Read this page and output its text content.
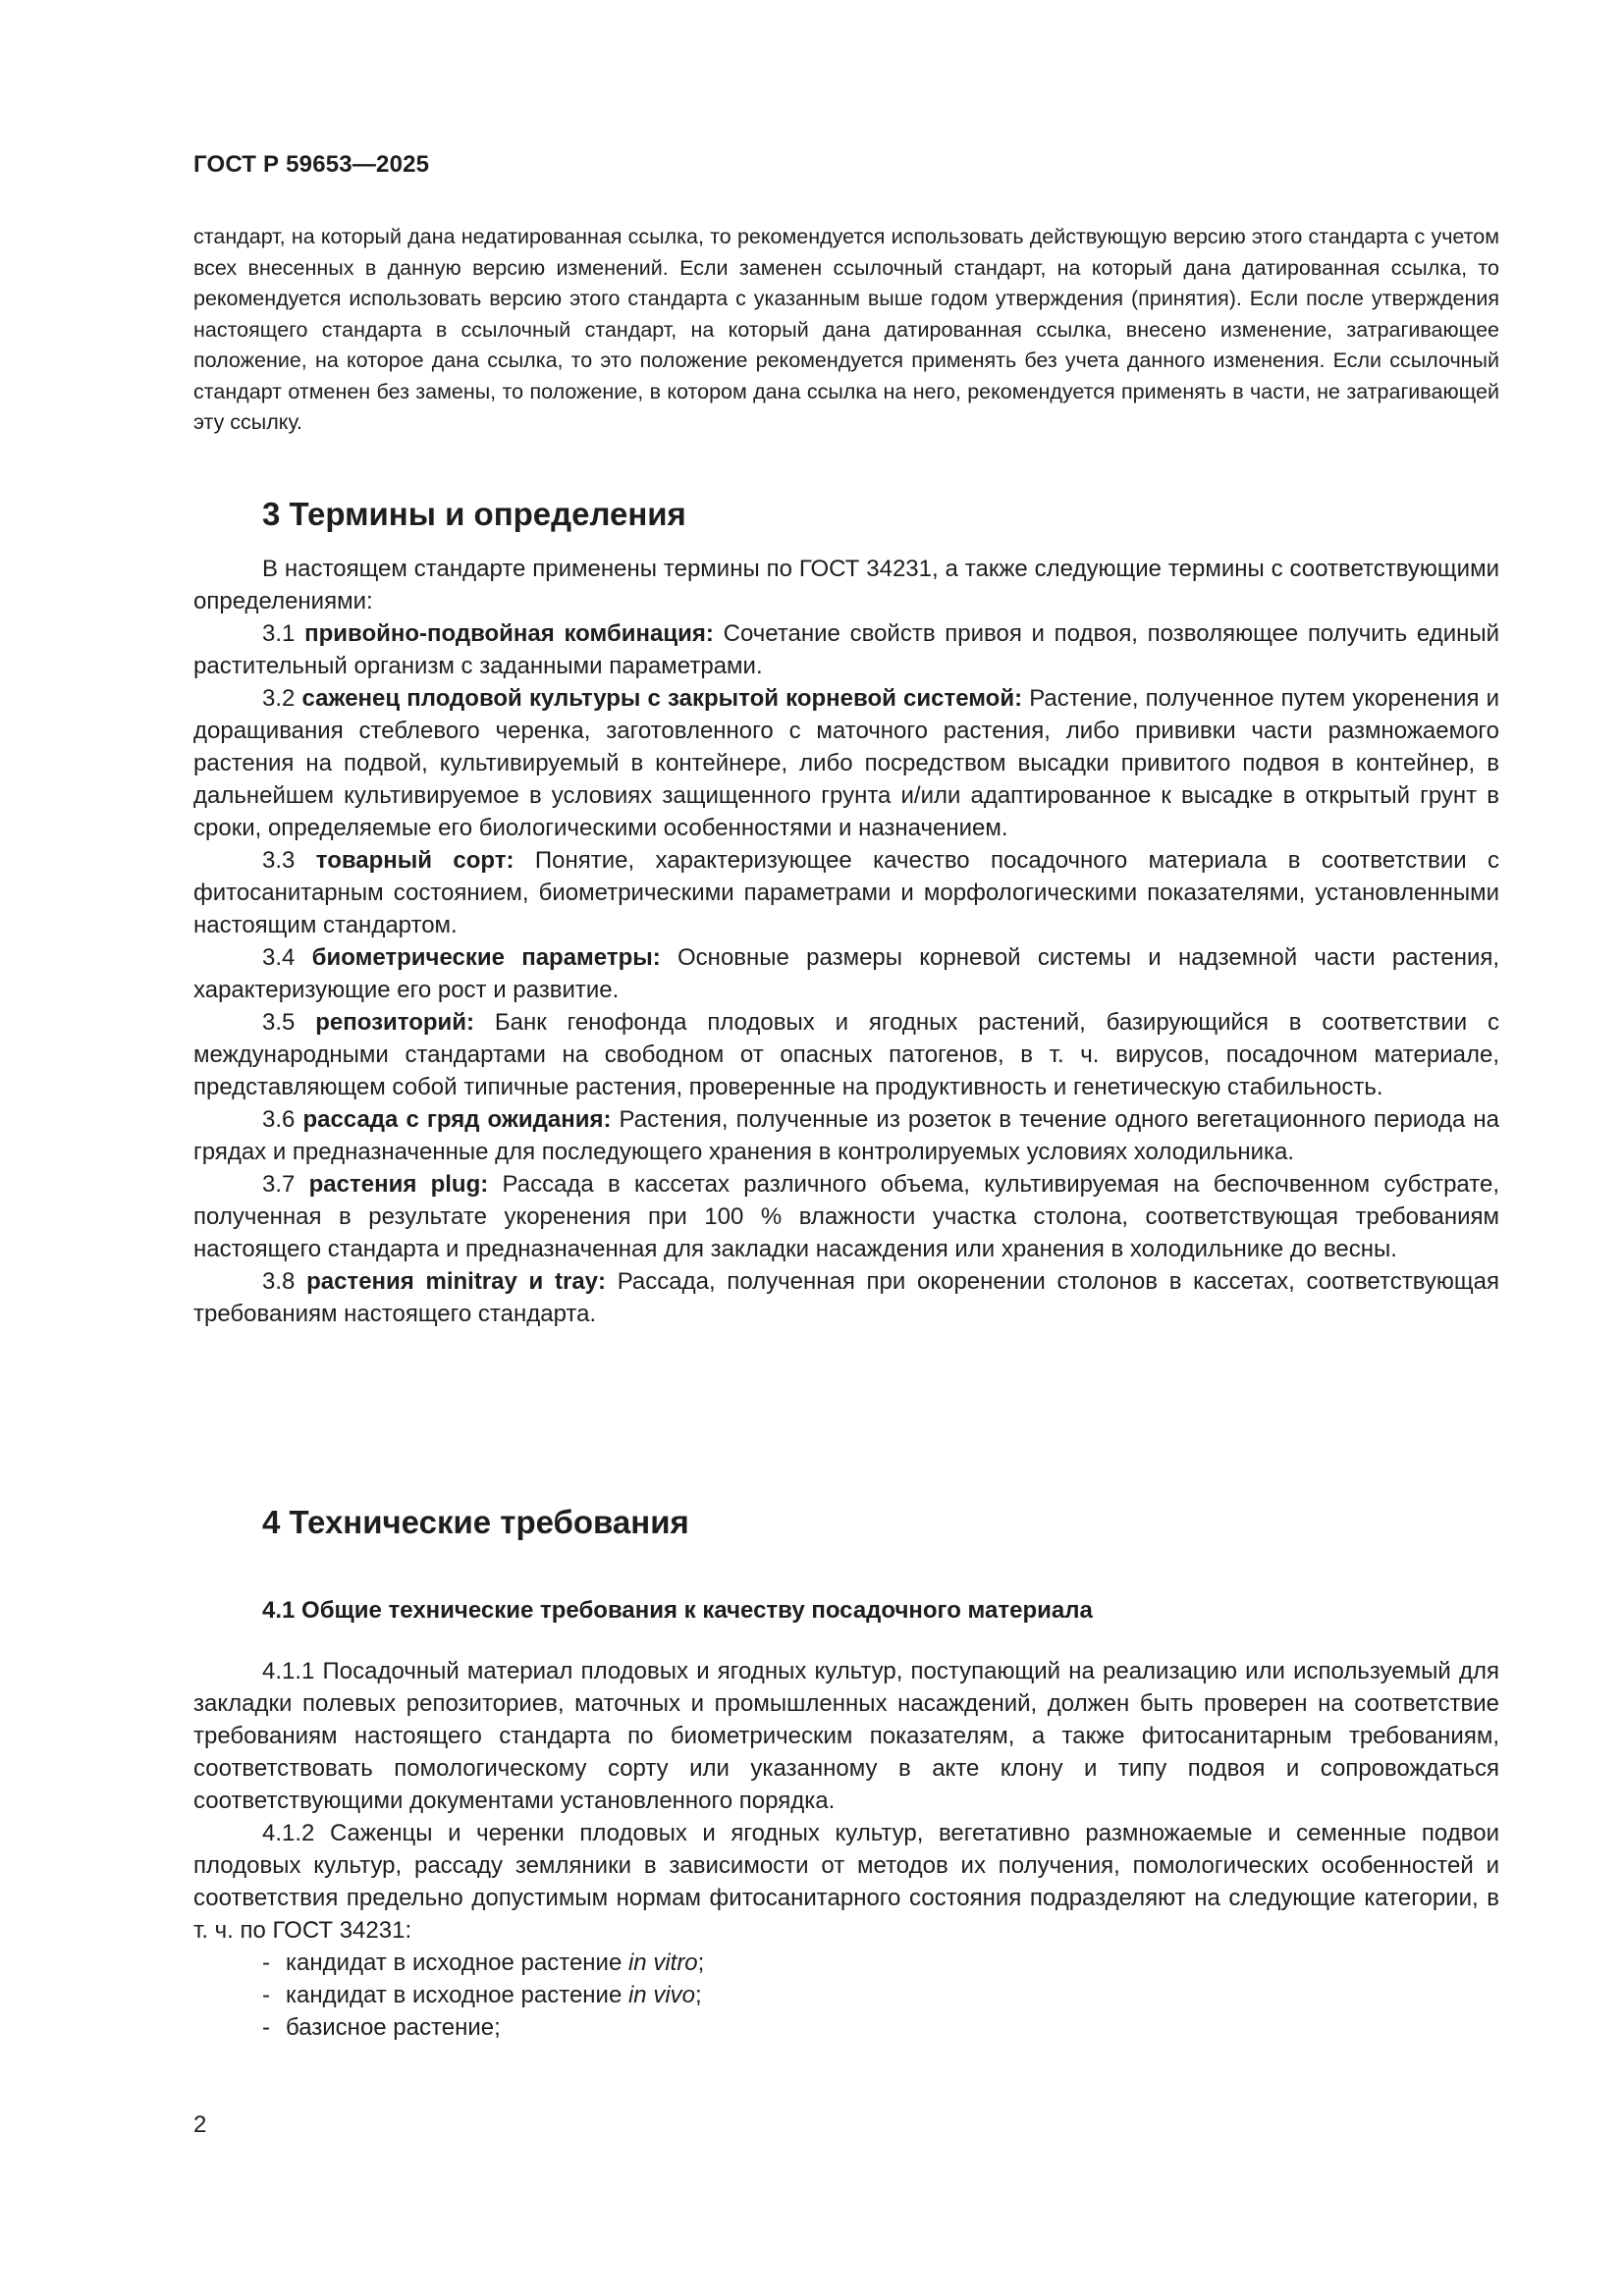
ГОСТ Р 59653—2025
стандарт, на который дана недатированная ссылка, то рекомендуется использовать действующую версию этого стандарта с учетом всех внесенных в данную версию изменений. Если заменен ссылочный стандарт, на который дана датированная ссылка, то рекомендуется использовать версию этого стандарта с указанным выше годом утверждения (принятия). Если после утверждения настоящего стандарта в ссылочный стандарт, на который дана датированная ссылка, внесено изменение, затрагивающее положение, на которое дана ссылка, то это положение рекомендуется применять без учета данного изменения. Если ссылочный стандарт отменен без замены, то положение, в котором дана ссылка на него, рекомендуется применять в части, не затрагивающей эту ссылку.
3 Термины и определения

В настоящем стандарте применены термины по ГОСТ 34231, а также следующие термины с соответствующими определениями:

3.1 привойно-подвойная комбинация: Сочетание свойств привоя и подвоя, позволяющее получить единый растительный организм с заданными параметрами.

3.2 саженец плодовой культуры с закрытой корневой системой: Растение, полученное путем укоренения и доращивания стеблевого черенка, заготовленного с маточного растения, либо прививки части размножаемого растения на подвой, культивируемый в контейнере, либо посредством высадки привитого подвоя в контейнер, в дальнейшем культивируемое в условиях защищенного грунта и/или адаптированное к высадке в открытый грунт в сроки, определяемые его биологическими особенностями и назначением.

3.3 товарный сорт: Понятие, характеризующее качество посадочного материала в соответствии с фитосанитарным состоянием, биометрическими параметрами и морфологическими показателями, установленными настоящим стандартом.

3.4 биометрические параметры: Основные размеры корневой системы и надземной части растения, характеризующие его рост и развитие.

3.5 репозиторий: Банк генофонда плодовых и ягодных растений, базирующийся в соответствии с международными стандартами на свободном от опасных патогенов, в т. ч. вирусов, посадочном материале, представляющем собой типичные растения, проверенные на продуктивность и генетическую стабильность.

3.6 рассада с гряд ожидания: Растения, полученные из розеток в течение одного вегетационного периода на грядах и предназначенные для последующего хранения в контролируемых условиях холодильника.

3.7 растения plug: Рассада в кассетах различного объема, культивируемая на беспочвенном субстрате, полученная в результате укоренения при 100 % влажности участка столона, соответствующая требованиям настоящего стандарта и предназначенная для закладки насаждения или хранения в холодильнике до весны.

3.8 растения minitray и tray: Рассада, полученная при окоренении столонов в кассетах, соответствующая требованиям настоящего стандарта.

4 Технические требования
4.1 Общие технические требования к качеству посадочного материала

4.1.1 Посадочный материал плодовых и ягодных культур, поступающий на реализацию или используемый для закладки полевых репозиториев, маточных и промышленных насаждений, должен быть проверен на соответствие требованиям настоящего стандарта по биометрическим показателям, а также фитосанитарным требованиям, соответствовать помологическому сорту или указанному в акте клону и типу подвоя и сопровождаться соответствующими документами установленного порядка.

4.1.2 Саженцы и черенки плодовых и ягодных культур, вегетативно размножаемые и семенные подвои плодовых культур, рассаду земляники в зависимости от методов их получения, помологических особенностей и соответствия предельно допустимым нормам фитосанитарного состояния подразделяют на следующие категории, в т. ч. по ГОСТ 34231:

- кандидат в исходное растение in vitro;

- кандидат в исходное растение in vivo;

- базисное растение;

2
